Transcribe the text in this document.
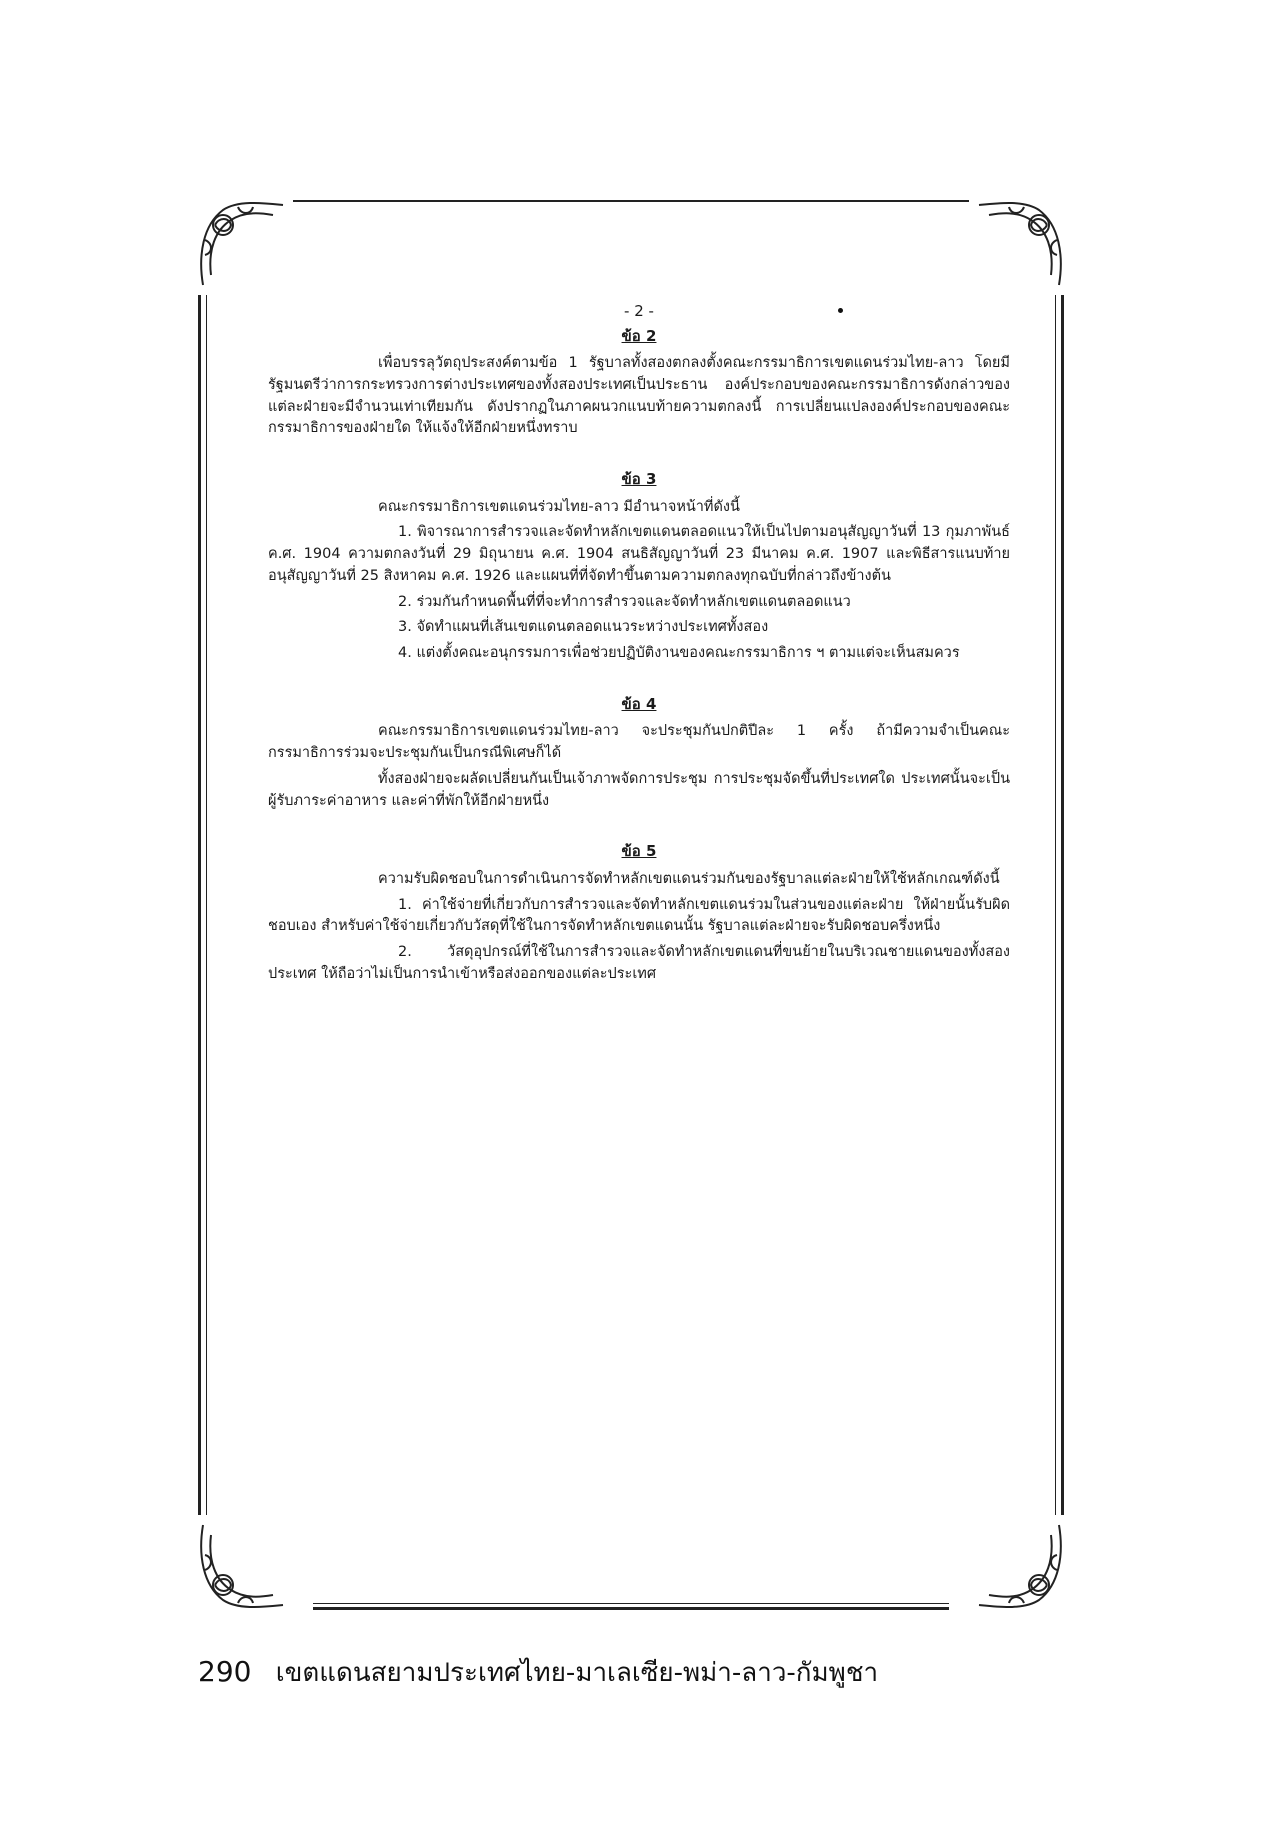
- 2 -
ข้อ 2

เพื่อบรรลุวัตถุประสงค์ตามข้อ 1 รัฐบาลทั้งสองตกลงตั้งคณะกรรมาธิการเขตแดนร่วมไทย-ลาว โดยมีรัฐมนตรีว่าการกระทรวงการต่างประเทศของทั้งสองประเทศเป็นประธาน องค์ประกอบของคณะกรรมาธิการดังกล่าวของแต่ละฝ่ายจะมีจำนวนเท่าเทียมกัน ดังปรากฏในภาคผนวกแนบท้ายความตกลงนี้ การเปลี่ยนแปลงองค์ประกอบของคณะกรรมาธิการของฝ่ายใด ให้แจ้งให้อีกฝ่ายหนึ่งทราบ

ข้อ 3

คณะกรรมาธิการเขตแดนร่วมไทย-ลาว มีอำนาจหน้าที่ดังนี้

1. พิจารณาการสำรวจและจัดทำหลักเขตแดนตลอดแนวให้เป็นไปตามอนุสัญญาวันที่ 13 กุมภาพันธ์ ค.ศ. 1904 ความตกลงวันที่ 29 มิถุนายน ค.ศ. 1904 สนธิสัญญาวันที่ 23 มีนาคม ค.ศ. 1907 และพิธีสารแนบท้าย อนุสัญญาวันที่ 25 สิงหาคม ค.ศ. 1926 และแผนที่ที่จัดทำขึ้นตามความตกลงทุกฉบับที่กล่าวถึงข้างต้น

2. ร่วมกันกำหนดพื้นที่ที่จะทำการสำรวจและจัดทำหลักเขตแดนตลอดแนว

3. จัดทำแผนที่เส้นเขตแดนตลอดแนวระหว่างประเทศทั้งสอง

4. แต่งตั้งคณะอนุกรรมการเพื่อช่วยปฏิบัติงานของคณะกรรมาธิการ ฯ ตามแต่จะเห็นสมควร

ข้อ 4

คณะกรรมาธิการเขตแดนร่วมไทย-ลาว จะประชุมกันปกติปีละ 1 ครั้ง ถ้ามีความจำเป็นคณะกรรมาธิการร่วมจะประชุมกันเป็นกรณีพิเศษก็ได้

ทั้งสองฝ่ายจะผลัดเปลี่ยนกันเป็นเจ้าภาพจัดการประชุม การประชุมจัดขึ้นที่ประเทศใด ประเทศนั้นจะเป็นผู้รับภาระค่าอาหาร และค่าที่พักให้อีกฝ่ายหนึ่ง

ข้อ 5

ความรับผิดชอบในการดำเนินการจัดทำหลักเขตแดนร่วมกันของรัฐบาลแต่ละฝ่ายให้ใช้หลักเกณฑ์ดังนี้

1. ค่าใช้จ่ายที่เกี่ยวกับการสำรวจและจัดทำหลักเขตแดนร่วมในส่วนของแต่ละฝ่าย ให้ฝ่ายนั้นรับผิดชอบเอง สำหรับค่าใช้จ่ายเกี่ยวกับวัสดุที่ใช้ในการจัดทำหลักเขตแดนนั้น รัฐบาลแต่ละฝ่ายจะรับผิดชอบครึ่งหนึ่ง

2. วัสดุอุปกรณ์ที่ใช้ในการสำรวจและจัดทำหลักเขตแดนที่ขนย้ายในบริเวณชายแดนของทั้งสองประเทศ ให้ถือว่าไม่เป็นการนำเข้าหรือส่งออกของแต่ละประเทศ

290 เขตแดนสยามประเทศไทย-มาเลเซีย-พม่า-ลาว-กัมพูชา
